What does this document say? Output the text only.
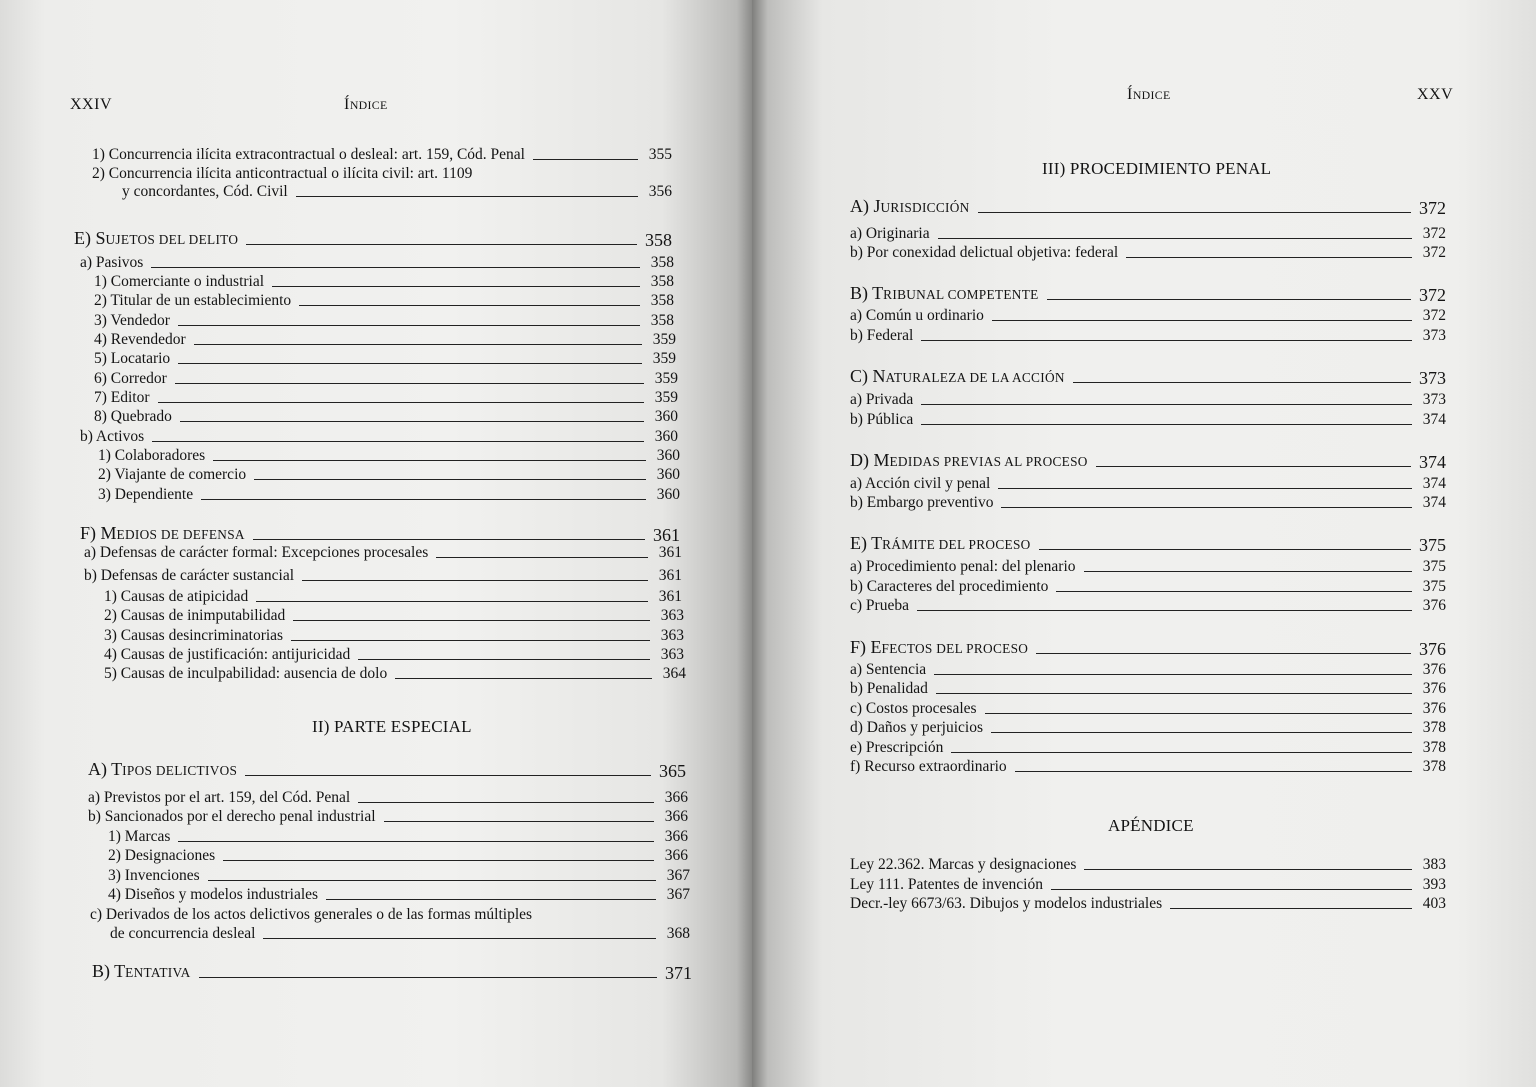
XXIV	ÍNDICE
1) Concurrencia ilícita extracontractual o desleal: art. 159, Cód. Penal	355
2) Concurrencia ilícita anticontractual o ilícita civil: art. 1109
y concordantes, Cód. Civil	356
E) SUJETOS DEL DELITO	358
a) Pasivos	358
1) Comerciante o industrial	358
2) Titular de un establecimiento	358
3) Vendedor	358
4) Revendedor	359
5) Locatario	359
6) Corredor	359
7) Editor	359
8) Quebrado	360
b) Activos	360
1) Colaboradores	360
2) Viajante de comercio	360
3) Dependiente	360
F) MEDIOS DE DEFENSA	361
a) Defensas de carácter formal: Excepciones procesales	361
b) Defensas de carácter sustancial	361
1) Causas de atipicidad	361
2) Causas de inimputabilidad	363
3) Causas desincriminatorias	363
4) Causas de justificación: antijuricidad	363
5) Causas de inculpabilidad: ausencia de dolo	364
II) PARTE ESPECIAL
A) TIPOS DELICTIVOS	365
a) Previstos por el art. 159, del Cód. Penal	366
b) Sancionados por el derecho penal industrial	366
1) Marcas	366
2) Designaciones	366
3) Invenciones	367
4) Diseños y modelos industriales	367
c) Derivados de los actos delictivos generales o de las formas múltiples
de concurrencia desleal	368
B) TENTATIVA	371
ÍNDICE	XXV
III) PROCEDIMIENTO PENAL
A) JURISDICCIÓN	372
a) Originaria	372
b) Por conexidad delictual objetiva: federal	372
B) TRIBUNAL COMPETENTE	372
a) Común u ordinario	372
b) Federal	373
C) NATURALEZA DE LA ACCIÓN	373
a) Privada	373
b) Pública	374
D) MEDIDAS PREVIAS AL PROCESO	374
a) Acción civil y penal	374
b) Embargo preventivo	374
E) TRÁMITE DEL PROCESO	375
a) Procedimiento penal: del plenario	375
b) Caracteres del procedimiento	375
c) Prueba	376
F) EFECTOS DEL PROCESO	376
a) Sentencia	376
b) Penalidad	376
c) Costos procesales	376
d) Daños y perjuicios	378
e) Prescripción	378
f) Recurso extraordinario	378
APÉNDICE
Ley 22.362. Marcas y designaciones	383
Ley 111. Patentes de invención	393
Decr.-ley 6673/63. Dibujos y modelos industriales	403
